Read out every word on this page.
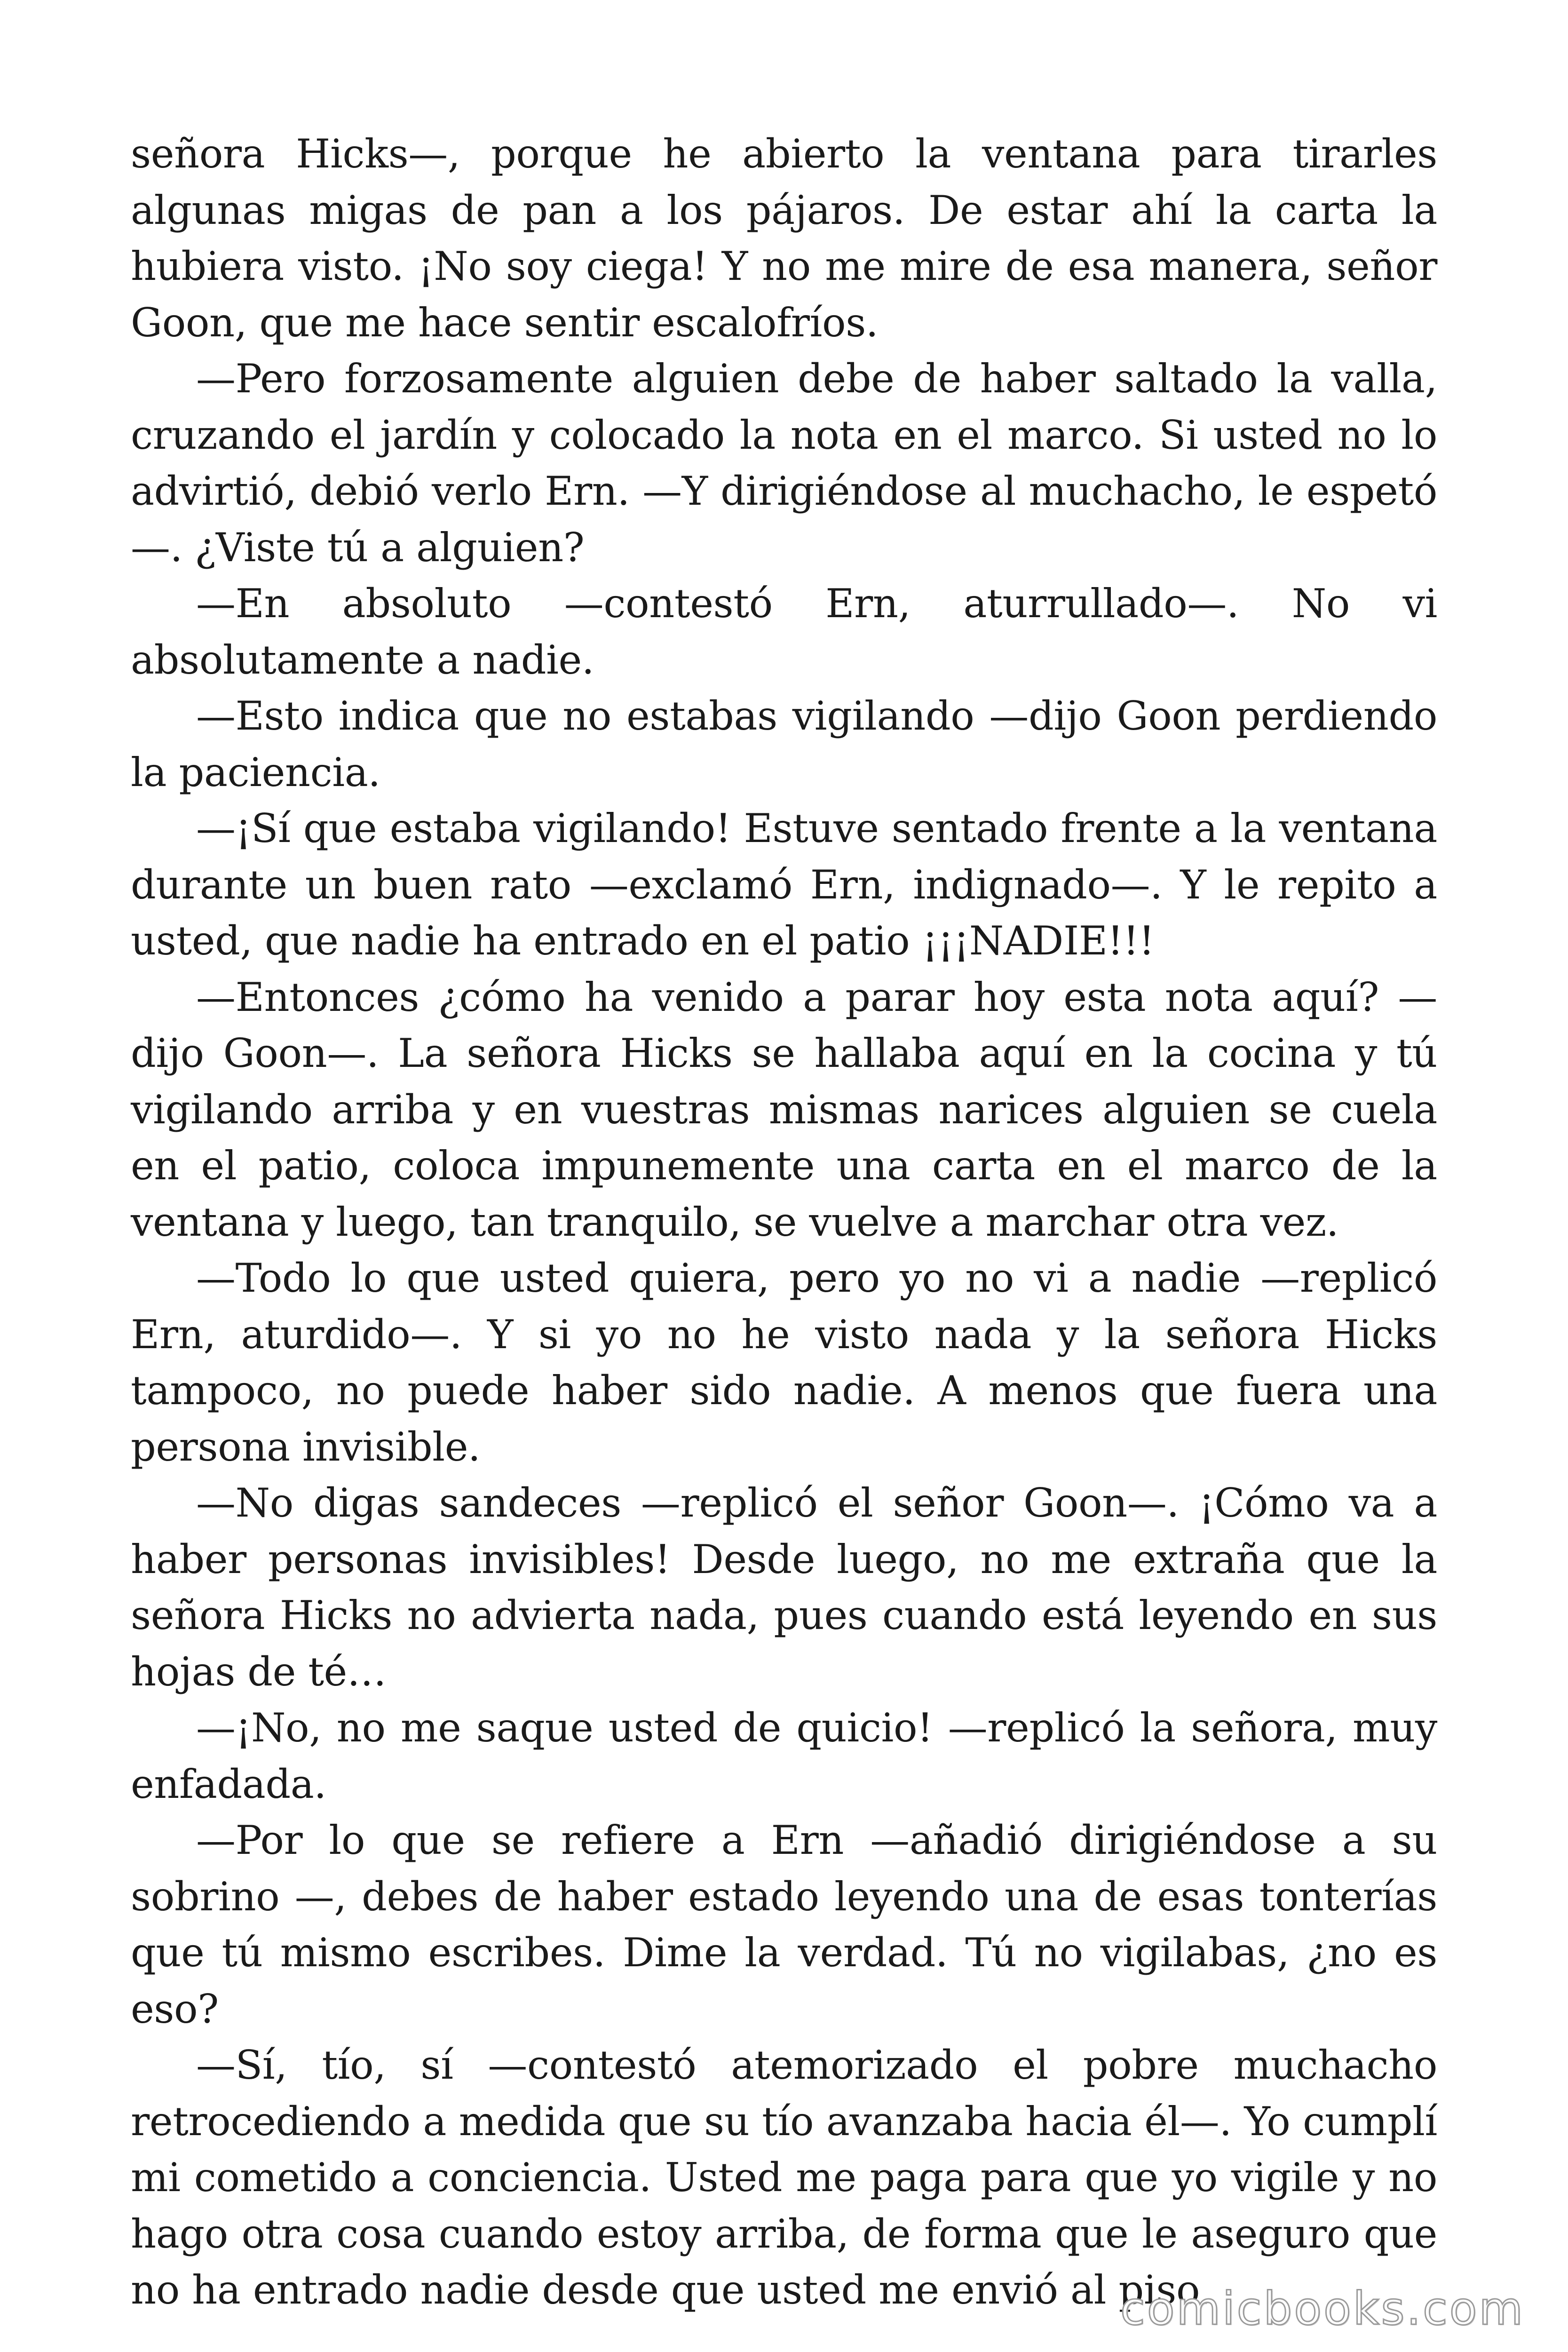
señora Hicks—, porque he abierto la ventana para tirarles algunas migas de pan a los pájaros. De estar ahí la carta la hubiera visto. ¡No soy ciega! Y no me mire de esa manera, señor Goon, que me hace sentir escalofríos.

—Pero forzosamente alguien debe de haber saltado la valla, cruzando el jardín y colocado la nota en el marco. Si usted no lo advirtió, debió verlo Ern. —Y dirigiéndose al muchacho, le espetó —. ¿Viste tú a alguien?

—En absoluto —contestó Ern, aturrullado—. No vi absolutamente a nadie.

—Esto indica que no estabas vigilando —dijo Goon perdiendo la paciencia.

—¡Sí que estaba vigilando! Estuve sentado frente a la ventana durante un buen rato —exclamó Ern, indignado—. Y le repito a usted, que nadie ha entrado en el patio ¡¡¡NADIE!!!

—Entonces ¿cómo ha venido a parar hoy esta nota aquí? —dijo Goon—. La señora Hicks se hallaba aquí en la cocina y tú vigilando arriba y en vuestras mismas narices alguien se cuela en el patio, coloca impunemente una carta en el marco de la ventana y luego, tan tranquilo, se vuelve a marchar otra vez.

—Todo lo que usted quiera, pero yo no vi a nadie —replicó Ern, aturdido—. Y si yo no he visto nada y la señora Hicks tampoco, no puede haber sido nadie. A menos que fuera una persona invisible.

—No digas sandeces —replicó el señor Goon—. ¡Cómo va a haber personas invisibles! Desde luego, no me extraña que la señora Hicks no advierta nada, pues cuando está leyendo en sus hojas de té…

—¡No, no me saque usted de quicio! —replicó la señora, muy enfadada.

—Por lo que se refiere a Ern —añadió dirigiéndose a su sobrino —, debes de haber estado leyendo una de esas tonterías que tú mismo escribes. Dime la verdad. Tú no vigilabas, ¿no es eso?

—Sí, tío, sí —contestó atemorizado el pobre muchacho retrocediendo a medida que su tío avanzaba hacia él—. Yo cumplí mi cometido a conciencia. Usted me paga para que yo vigile y no hago otra cosa cuando estoy arriba, de forma que le aseguro que no ha entrado nadie desde que usted me envió al piso.

comicbooks.com
